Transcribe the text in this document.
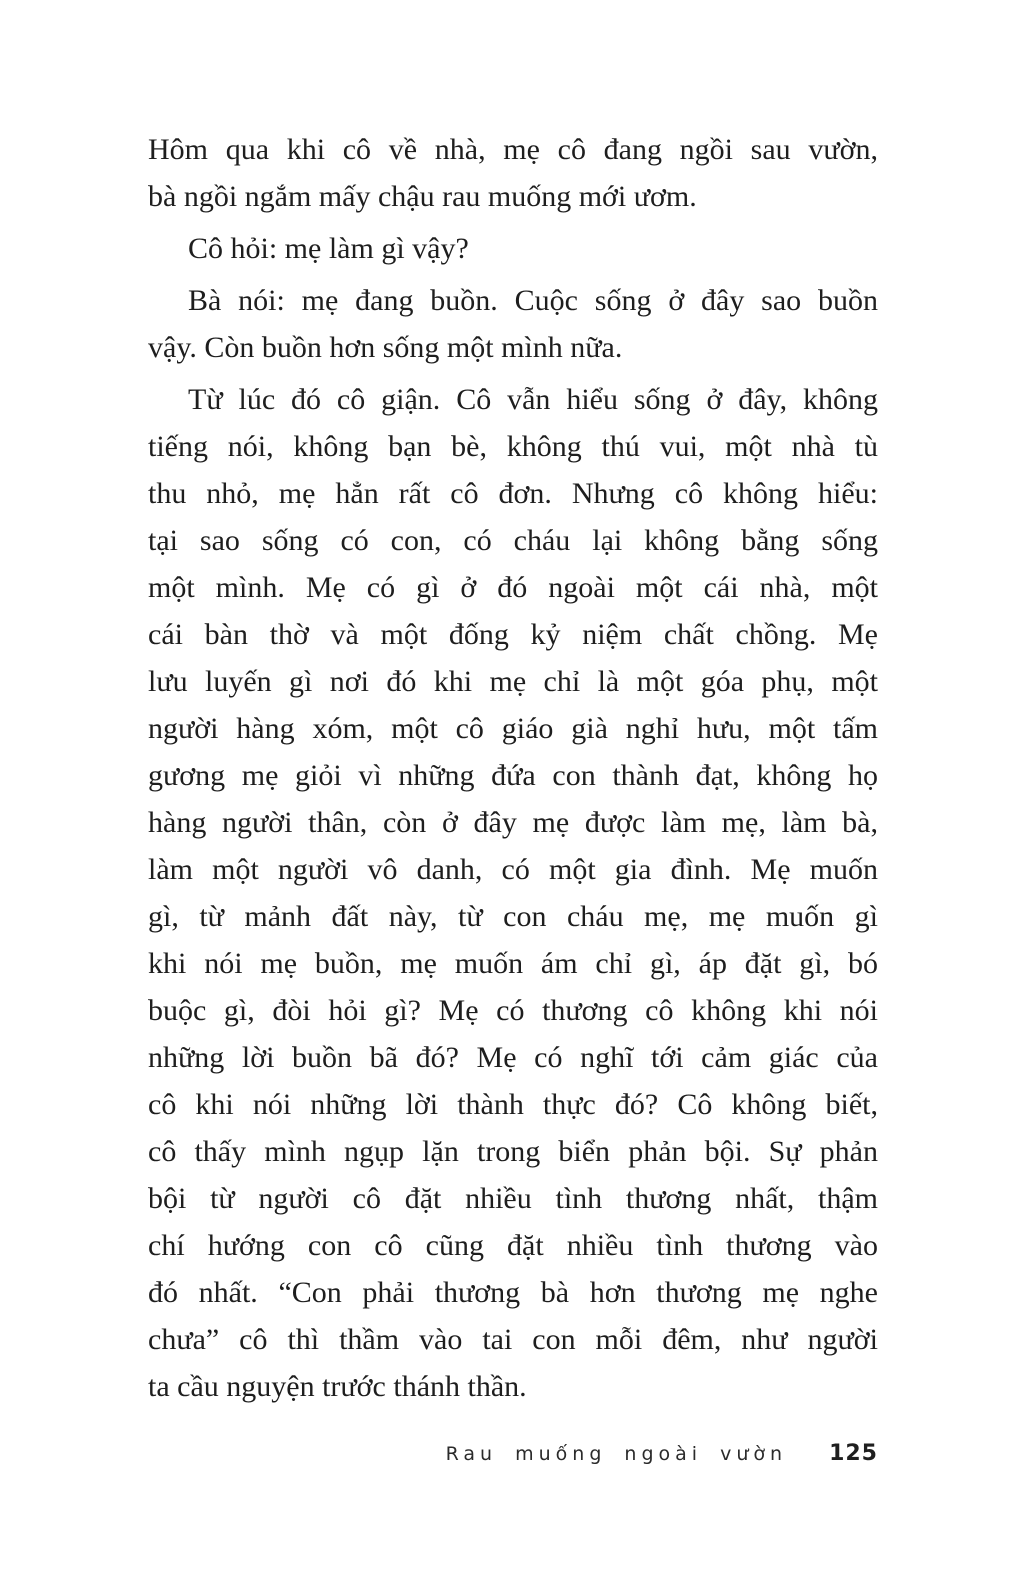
Hôm qua khi cô về nhà, mẹ cô đang ngồi sau vườn,
bà ngồi ngắm mấy chậu rau muống mới ươm.
Cô hỏi: mẹ làm gì vậy?
Bà nói: mẹ đang buồn. Cuộc sống ở đây sao buồn
vậy. Còn buồn hơn sống một mình nữa.
Từ lúc đó cô giận. Cô vẫn hiểu sống ở đây, không
tiếng nói, không bạn bè, không thú vui, một nhà tù
thu nhỏ, mẹ hẳn rất cô đơn. Nhưng cô không hiểu:
tại sao sống có con, có cháu lại không bằng sống
một mình. Mẹ có gì ở đó ngoài một cái nhà, một
cái bàn thờ và một đống kỷ niệm chất chồng. Mẹ
lưu luyến gì nơi đó khi mẹ chỉ là một góa phụ, một
người hàng xóm, một cô giáo già nghỉ hưu, một tấm
gương mẹ giỏi vì những đứa con thành đạt, không họ
hàng người thân, còn ở đây mẹ được làm mẹ, làm bà,
làm một người vô danh, có một gia đình. Mẹ muốn
gì, từ mảnh đất này, từ con cháu mẹ, mẹ muốn gì
khi nói mẹ buồn, mẹ muốn ám chỉ gì, áp đặt gì, bó
buộc gì, đòi hỏi gì? Mẹ có thương cô không khi nói
những lời buồn bã đó? Mẹ có nghĩ tới cảm giác của
cô khi nói những lời thành thực đó? Cô không biết,
cô thấy mình ngụp lặn trong biển phản bội. Sự phản
bội từ người cô đặt nhiều tình thương nhất, thậm
chí hướng con cô cũng đặt nhiều tình thương vào
đó nhất. “Con phải thương bà hơn thương mẹ nghe
chưa” cô thì thầm vào tai con mỗi đêm, như người
ta cầu nguyện trước thánh thần.
Rau muống ngoài vườn 125
